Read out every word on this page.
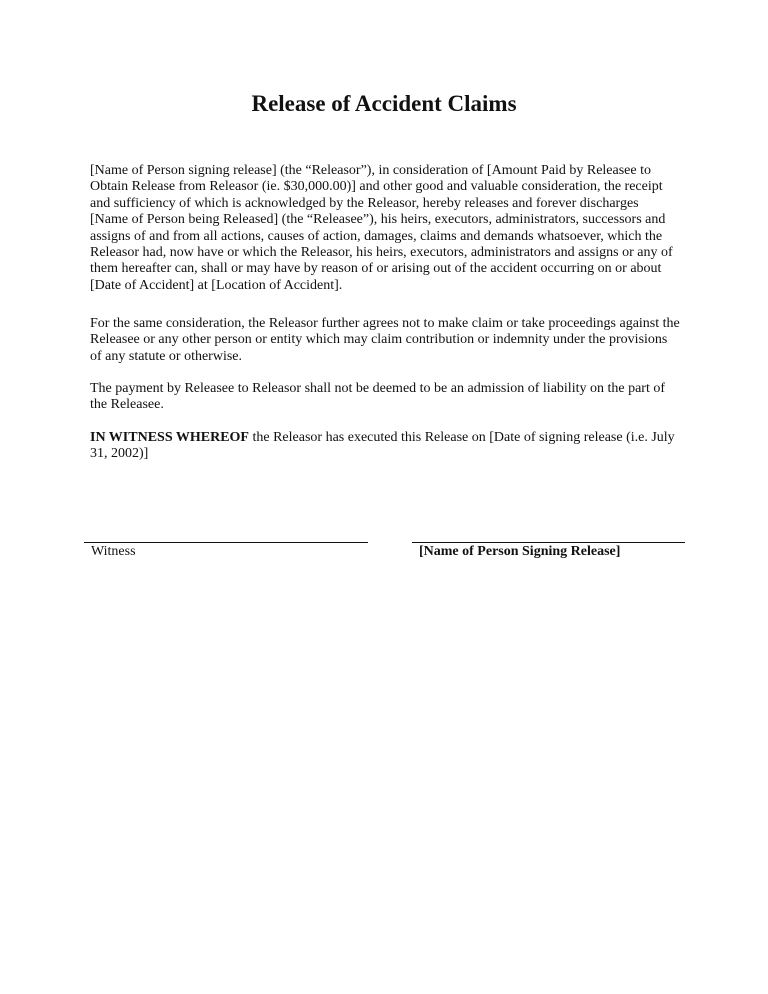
Release of Accident Claims

[Name of Person signing release] (the “Releasor”), in consideration of [Amount Paid by Releasee to Obtain Release from Releasor (ie. $30,000.00)] and other good and valuable consideration, the receipt and sufficiency of which is acknowledged by the Releasor, hereby releases and forever discharges [Name of Person being Released] (the “Releasee”), his heirs, executors, administrators, successors and assigns of and from all actions, causes of action, damages, claims and demands whatsoever, which the Releasor had, now have or which the Releasor, his heirs, executors, administrators and assigns or any of them hereafter can, shall or may have by reason of or arising out of the accident occurring on or about [Date of Accident] at [Location of Accident].

For the same consideration, the Releasor further agrees not to make claim or take proceedings against the Releasee or any other person or entity which may claim contribution or indemnity under the provisions of any statute or otherwise.

The payment by Releasee to Releasor shall not be deemed to be an admission of liability on the part of the Releasee.

IN WITNESS WHEREOF the Releasor has executed this Release on [Date of signing release (i.e. July 31, 2002)]

Witness	[Name of Person Signing Release]
